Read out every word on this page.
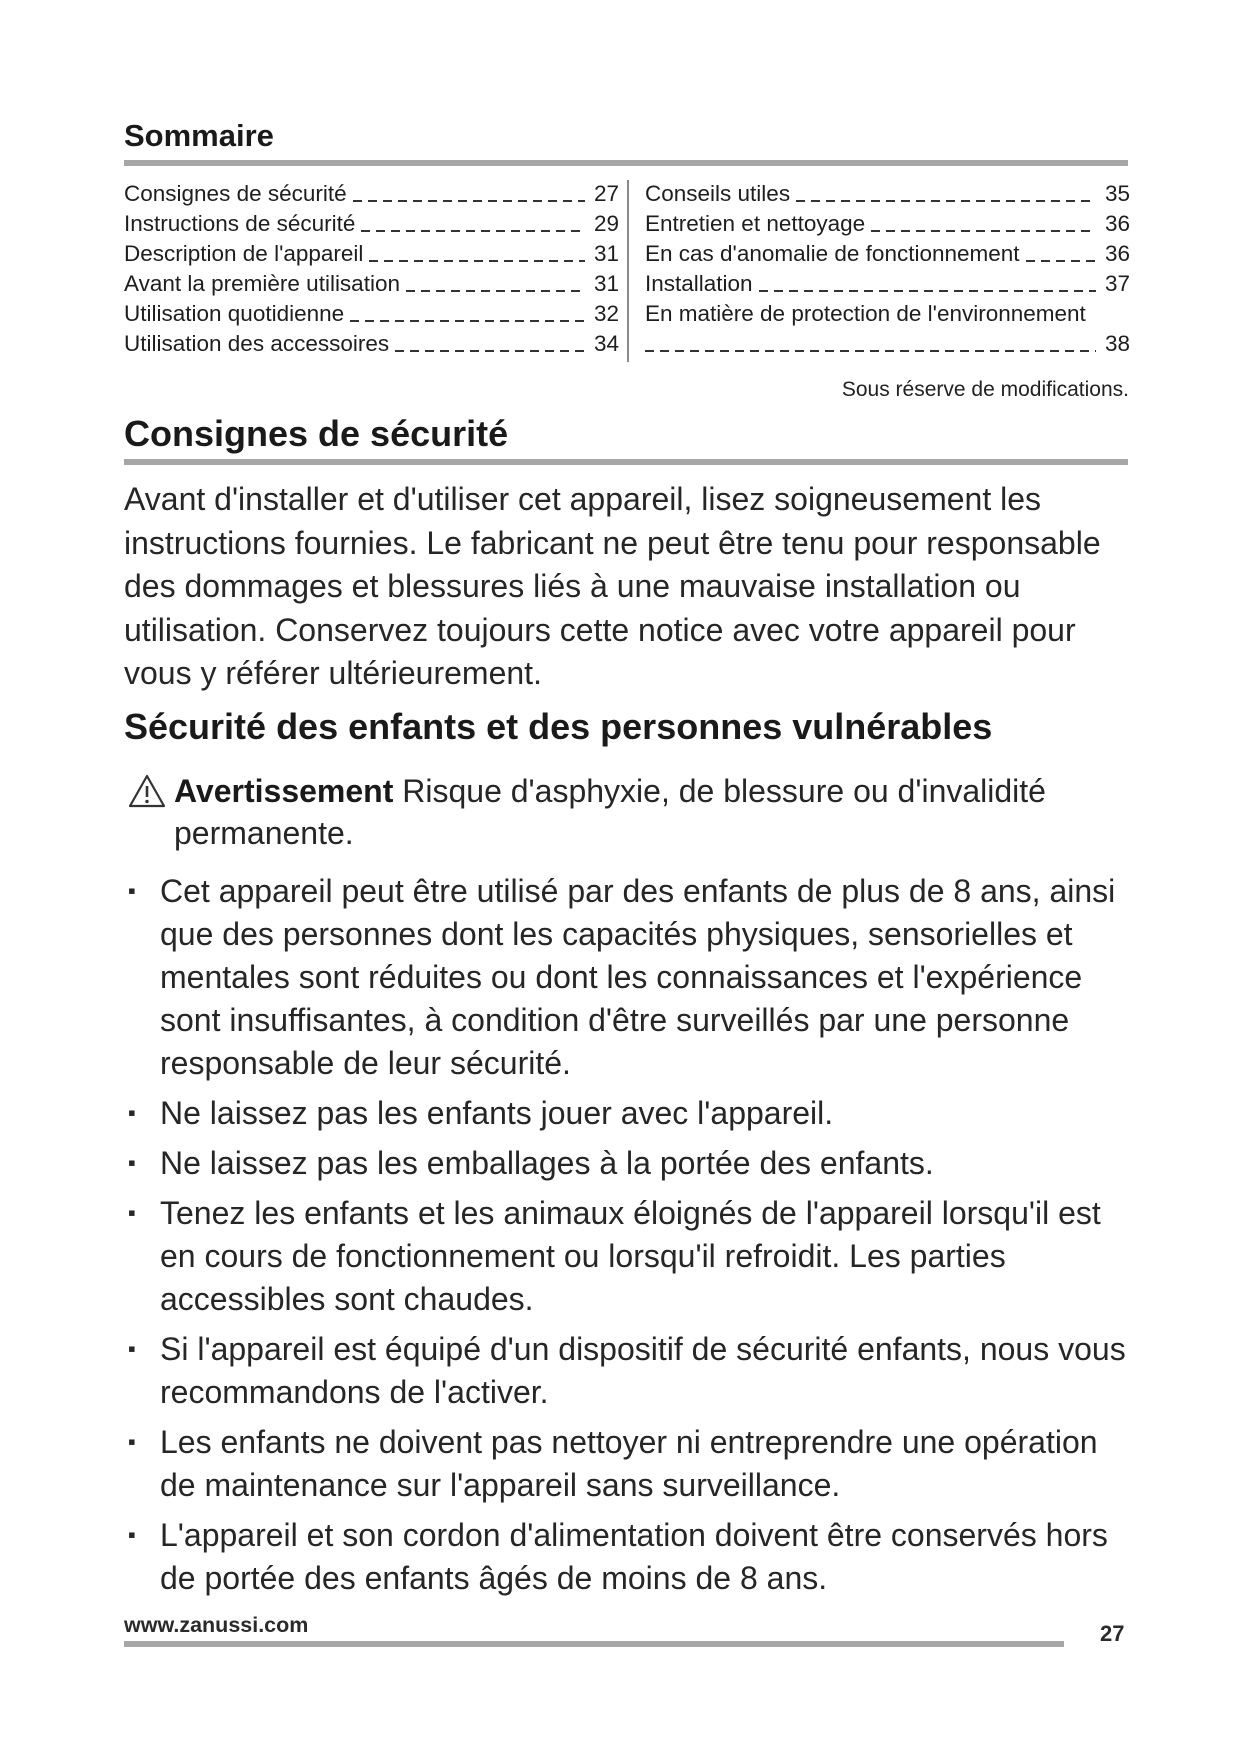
Sommaire
Consignes de sécurité	27
Instructions de sécurité	29
Description de l'appareil	31
Avant la première utilisation	31
Utilisation quotidienne	32
Utilisation des accessoires	34
Conseils utiles	35
Entretien et nettoyage	36
En cas d'anomalie de fonctionnement	36
Installation	37
En matière de protection de l'environnement
38
Sous réserve de modifications.
Consignes de sécurité

Avant d'installer et d'utiliser cet appareil, lisez soigneusement les instructions fournies. Le fabricant ne peut être tenu pour responsable des dommages et blessures liés à une mauvaise installation ou utilisation. Conservez toujours cette notice avec votre appareil pour vous y référer ultérieurement.

Sécurité des enfants et des personnes vulnérables

Avertissement Risque d'asphyxie, de blessure ou d'invalidité permanente.

▪ Cet appareil peut être utilisé par des enfants de plus de 8 ans, ainsi que des personnes dont les capacités physiques, sensorielles et mentales sont réduites ou dont les connaissances et l'expérience sont insuffisantes, à condition d'être surveillés par une personne responsable de leur sécurité.
▪ Ne laissez pas les enfants jouer avec l'appareil.
▪ Ne laissez pas les emballages à la portée des enfants.
▪ Tenez les enfants et les animaux éloignés de l'appareil lorsqu'il est en cours de fonctionnement ou lorsqu'il refroidit. Les parties accessibles sont chaudes.
▪ Si l'appareil est équipé d'un dispositif de sécurité enfants, nous vous recommandons de l'activer.
▪ Les enfants ne doivent pas nettoyer ni entreprendre une opération de maintenance sur l'appareil sans surveillance.
▪ L'appareil et son cordon d'alimentation doivent être conservés hors de portée des enfants âgés de moins de 8 ans.
www.zanussi.com	27
